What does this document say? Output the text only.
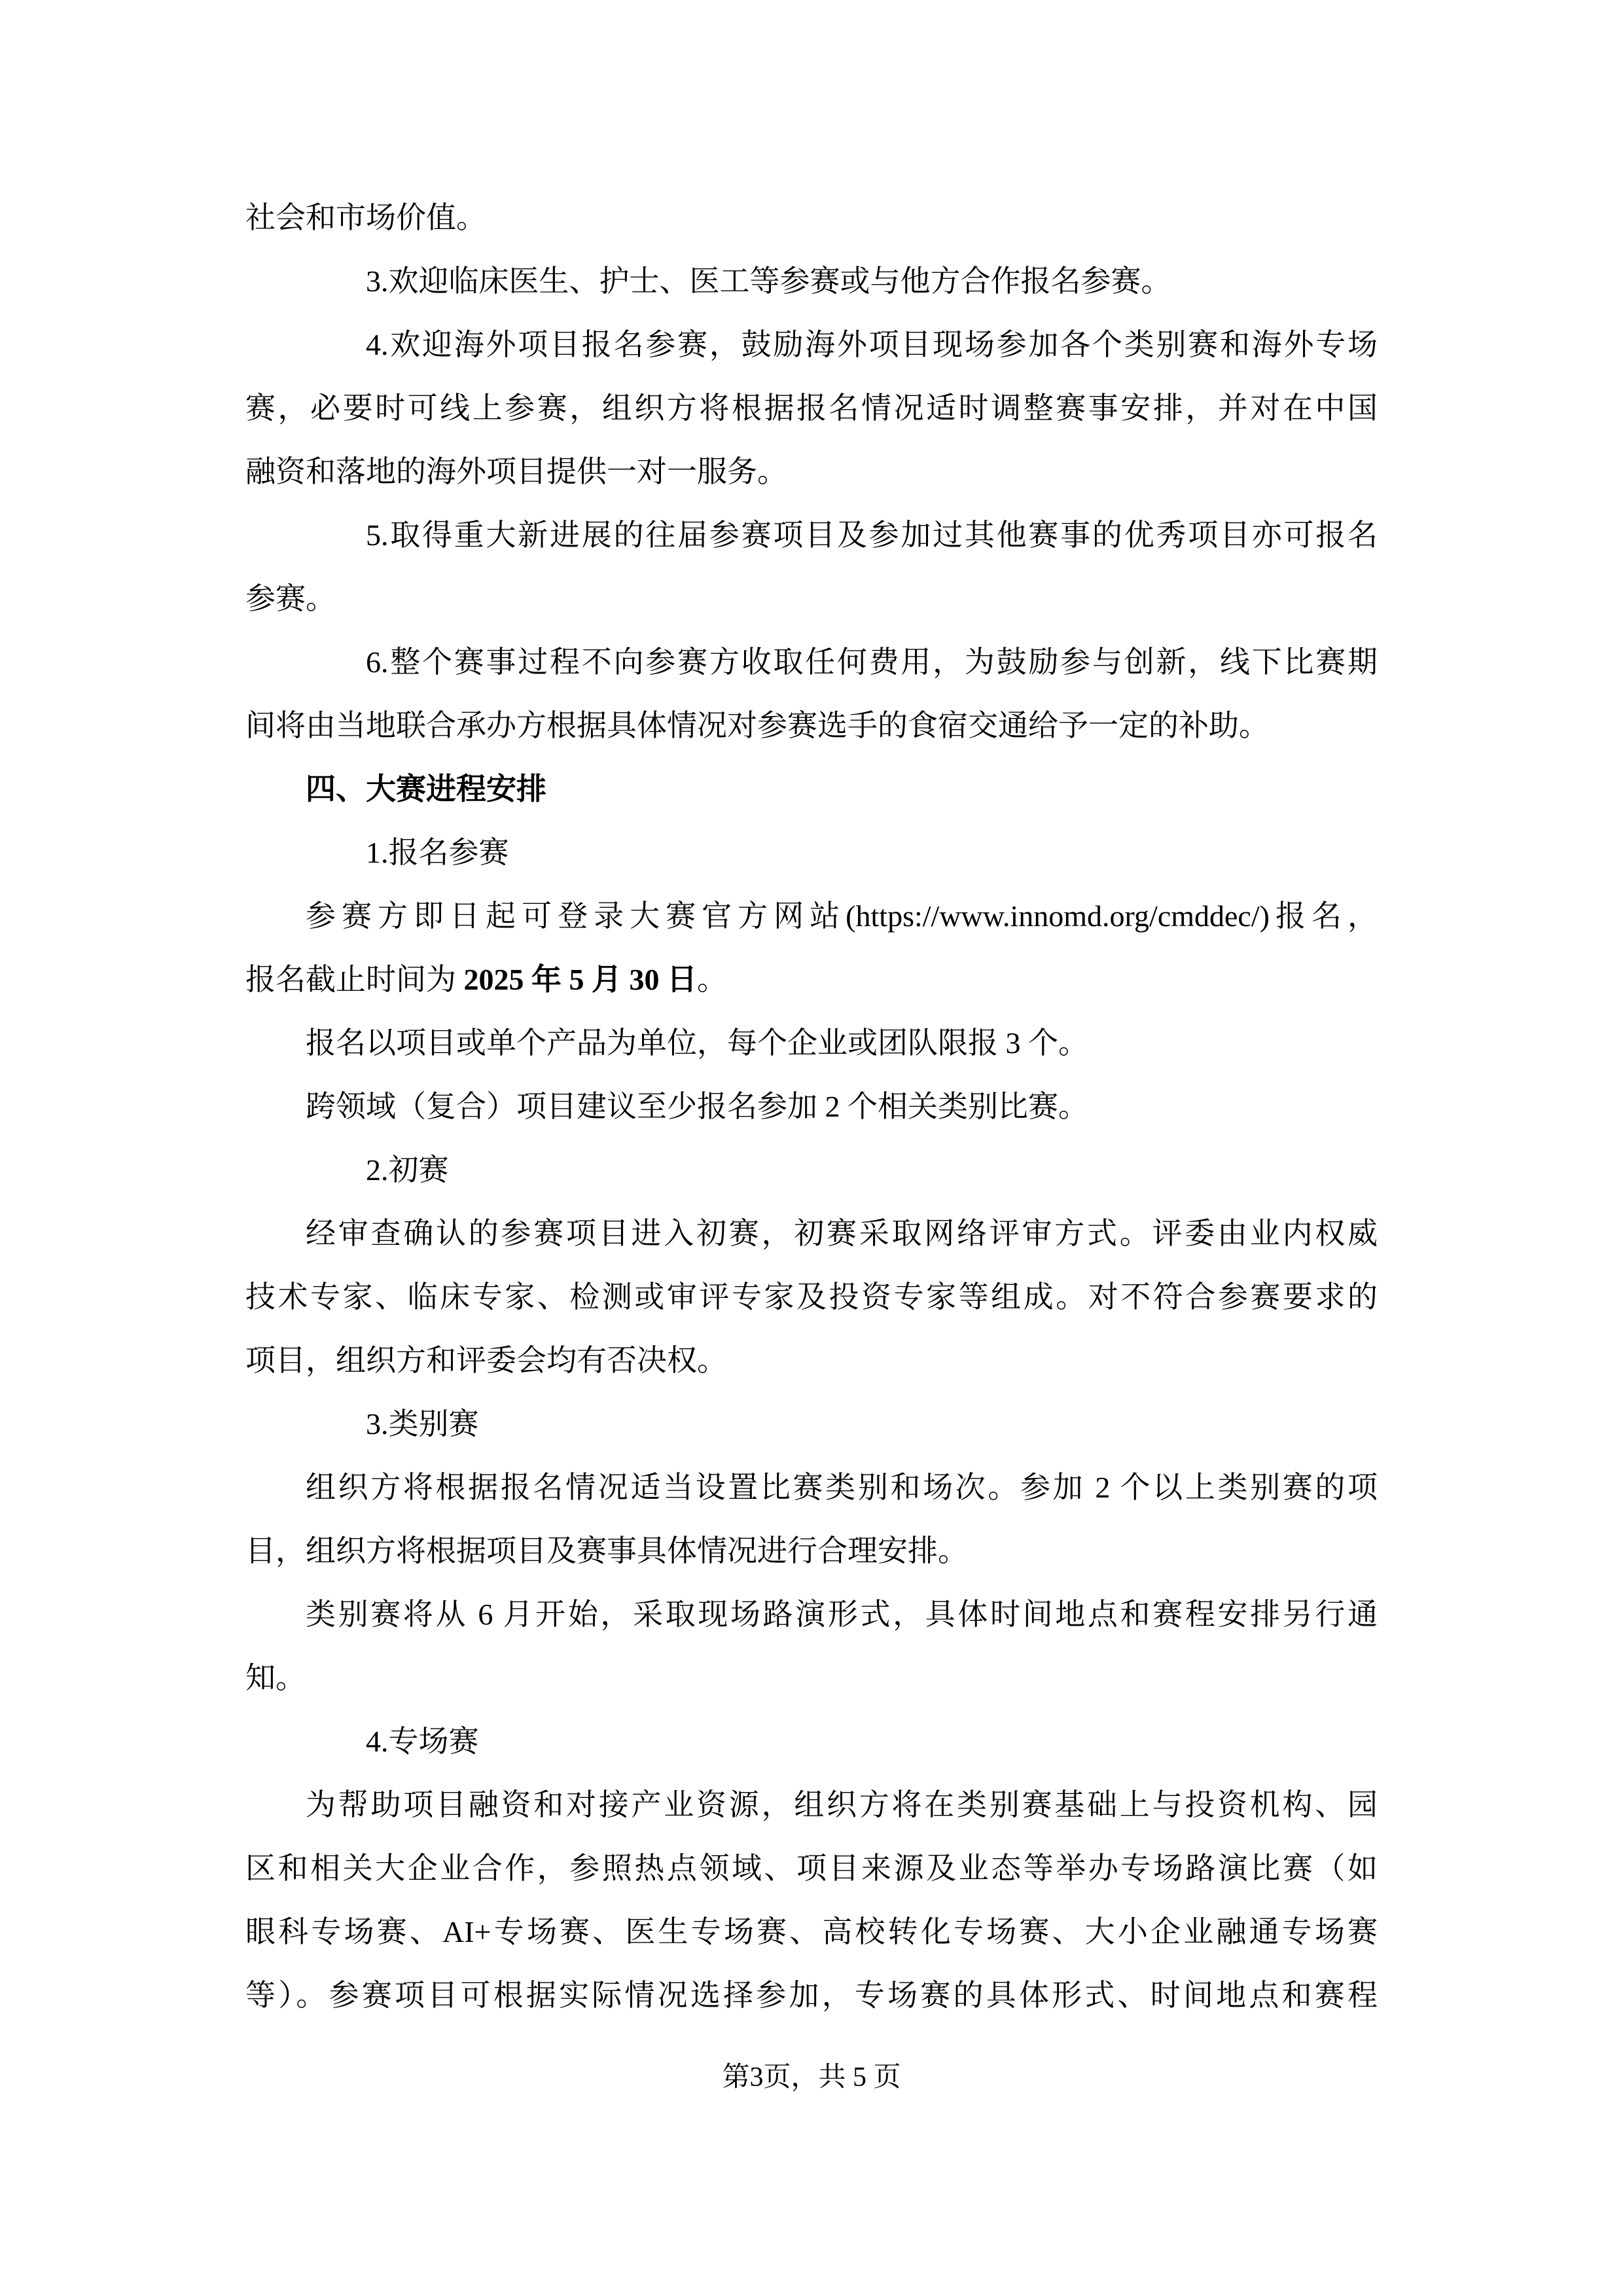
社会和市场价值。
3.欢迎临床医生、护士、医工等参赛或与他方合作报名参赛。
4.欢迎海外项目报名参赛，鼓励海外项目现场参加各个类别赛和海外专场
赛，必要时可线上参赛，组织方将根据报名情况适时调整赛事安排，并对在中国
融资和落地的海外项目提供一对一服务。
5.取得重大新进展的往届参赛项目及参加过其他赛事的优秀项目亦可报名
参赛。
6.整个赛事过程不向参赛方收取任何费用，为鼓励参与创新，线下比赛期
间将由当地联合承办方根据具体情况对参赛选手的食宿交通给予一定的补助。
四、大赛进程安排
1.报名参赛
参赛方即日起可登录大赛官方网站(https://www.innomd.org/cmddec/)报名，
报名截止时间为 2025 年 5 月 30 日。
报名以项目或单个产品为单位，每个企业或团队限报 3 个。
跨领域（复合）项目建议至少报名参加 2 个相关类别比赛。
2.初赛
经审查确认的参赛项目进入初赛，初赛采取网络评审方式。评委由业内权威
技术专家、临床专家、检测或审评专家及投资专家等组成。对不符合参赛要求的
项目，组织方和评委会均有否决权。
3.类别赛
组织方将根据报名情况适当设置比赛类别和场次。参加 2 个以上类别赛的项
目，组织方将根据项目及赛事具体情况进行合理安排。
类别赛将从 6 月开始，采取现场路演形式，具体时间地点和赛程安排另行通
知。
4.专场赛
为帮助项目融资和对接产业资源，组织方将在类别赛基础上与投资机构、园
区和相关大企业合作，参照热点领域、项目来源及业态等举办专场路演比赛（如
眼科专场赛、AI+专场赛、医生专场赛、高校转化专场赛、大小企业融通专场赛
等）。参赛项目可根据实际情况选择参加，专场赛的具体形式、时间地点和赛程
第3页，共 5 页
